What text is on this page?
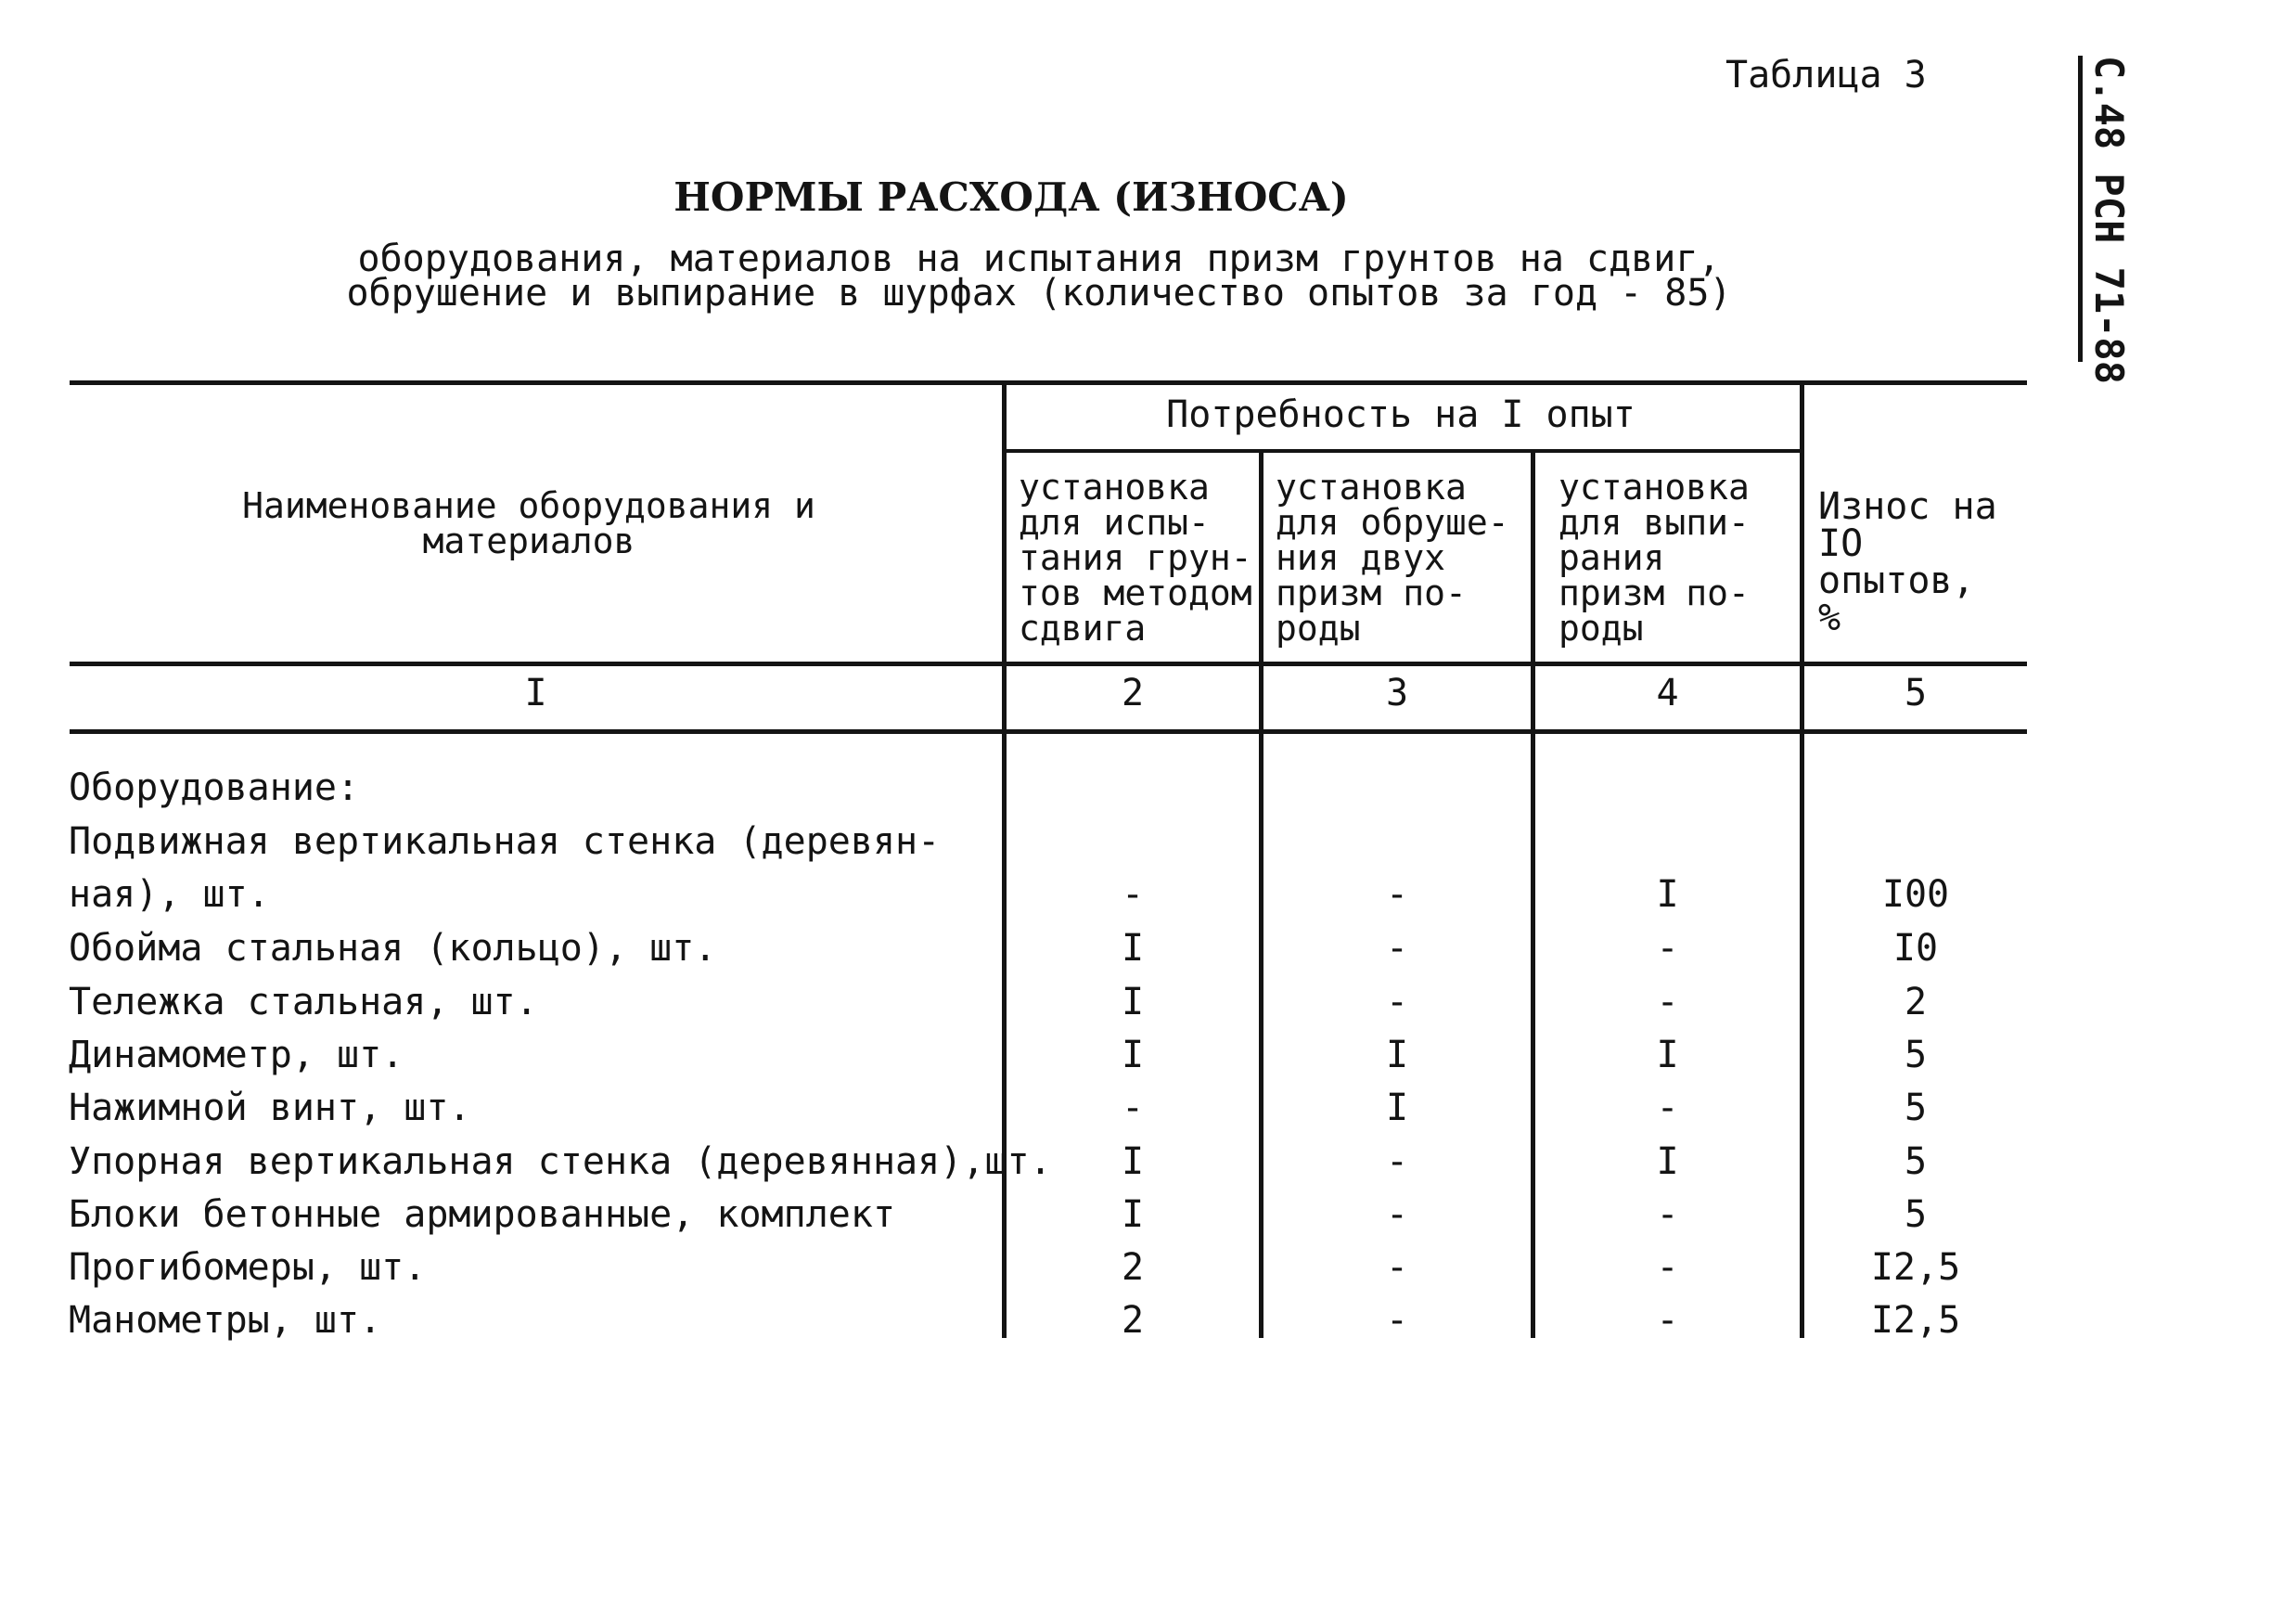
Таблица 3	С.48 РСН 71-88
НОРМЫ РАСХОДА (ИЗНОСА)
оборудования, материалов на испытания призм грунтов на сдвиг,
обрушение и выпирание в шурфах (количество опытов за год - 85)
Наименование оборудования и
материалов
Потребность на I опыт
установка
для испы-
тания грун-
тов методом
сдвига
установка
для обруше-
ния двух
призм по-
роды
установка
для выпи-
рания
призм по-
роды
Износ на
IO опытов,
%
I	2	3	4	5
Оборудование:
Подвижная вертикальная стенка (деревян-
ная), шт.	-	-	I	I00
Обойма стальная (кольцо), шт.	I	-	-	I0
Тележка стальная, шт.	I	-	-	2
Динамометр, шт.	I	I	I	5
Нажимной винт, шт.	-	I	-	5
Упорная вертикальная стенка (деревянная),шт.	I	-	I	5
Блоки бетонные армированные, комплект	I	-	-	5
Прогибомеры, шт.	2	-	-	I2,5
Манометры, шт.	2	-	-	I2,5
